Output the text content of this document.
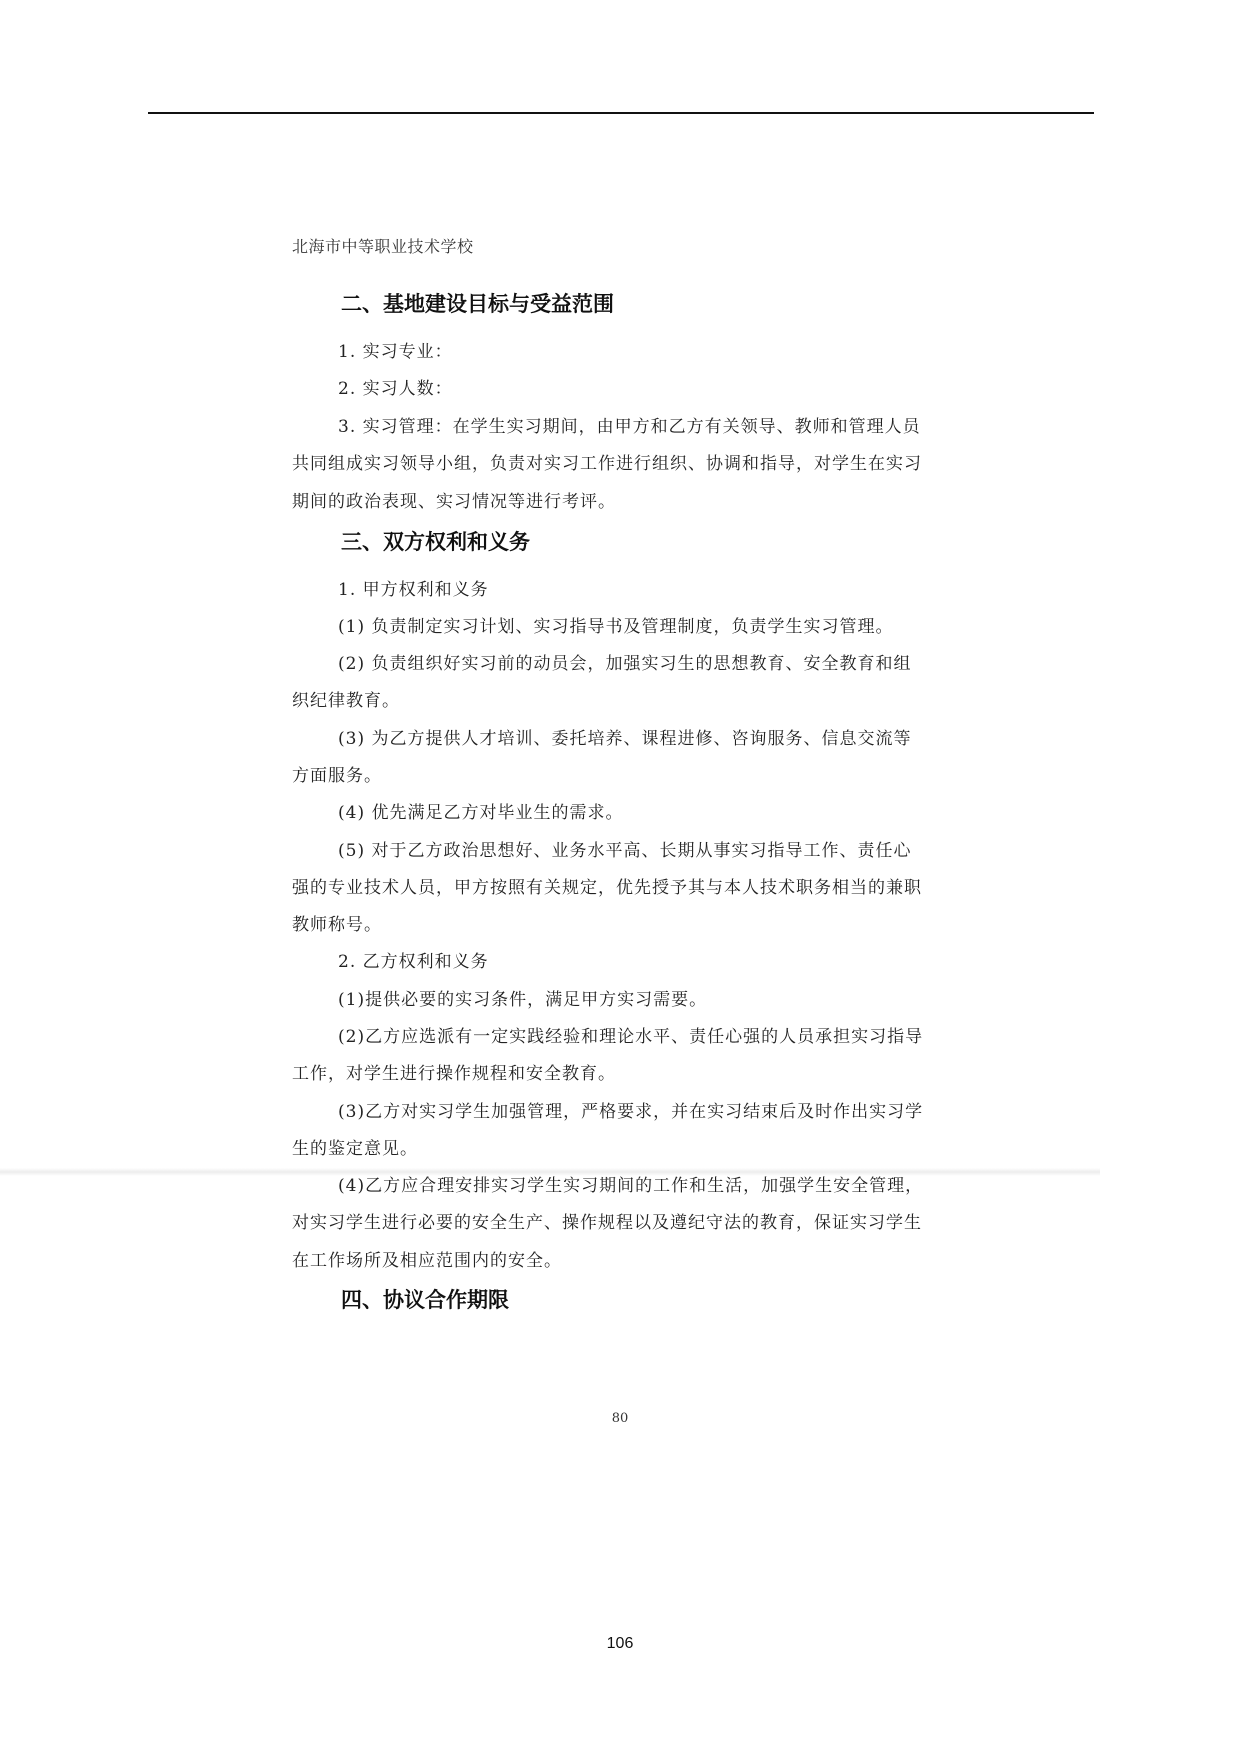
北海市中等职业技术学校
二、基地建设目标与受益范围
1. 实习专业：
2. 实习人数：
3. 实习管理：在学生实习期间，由甲方和乙方有关领导、教师和管理人员
共同组成实习领导小组，负责对实习工作进行组织、协调和指导，对学生在实习
期间的政治表现、实习情况等进行考评。
三、双方权利和义务
1. 甲方权利和义务
(1) 负责制定实习计划、实习指导书及管理制度，负责学生实习管理。
(2) 负责组织好实习前的动员会，加强实习生的思想教育、安全教育和组
织纪律教育。
(3) 为乙方提供人才培训、委托培养、课程进修、咨询服务、信息交流等
方面服务。
(4) 优先满足乙方对毕业生的需求。
(5) 对于乙方政治思想好、业务水平高、长期从事实习指导工作、责任心
强的专业技术人员，甲方按照有关规定，优先授予其与本人技术职务相当的兼职
教师称号。
2. 乙方权利和义务
(1)提供必要的实习条件，满足甲方实习需要。
(2)乙方应选派有一定实践经验和理论水平、责任心强的人员承担实习指导
工作，对学生进行操作规程和安全教育。
(3)乙方对实习学生加强管理，严格要求，并在实习结束后及时作出实习学
生的鉴定意见。
(4)乙方应合理安排实习学生实习期间的工作和生活，加强学生安全管理，
对实习学生进行必要的安全生产、操作规程以及遵纪守法的教育，保证实习学生
在工作场所及相应范围内的安全。
四、协议合作期限
80
106
